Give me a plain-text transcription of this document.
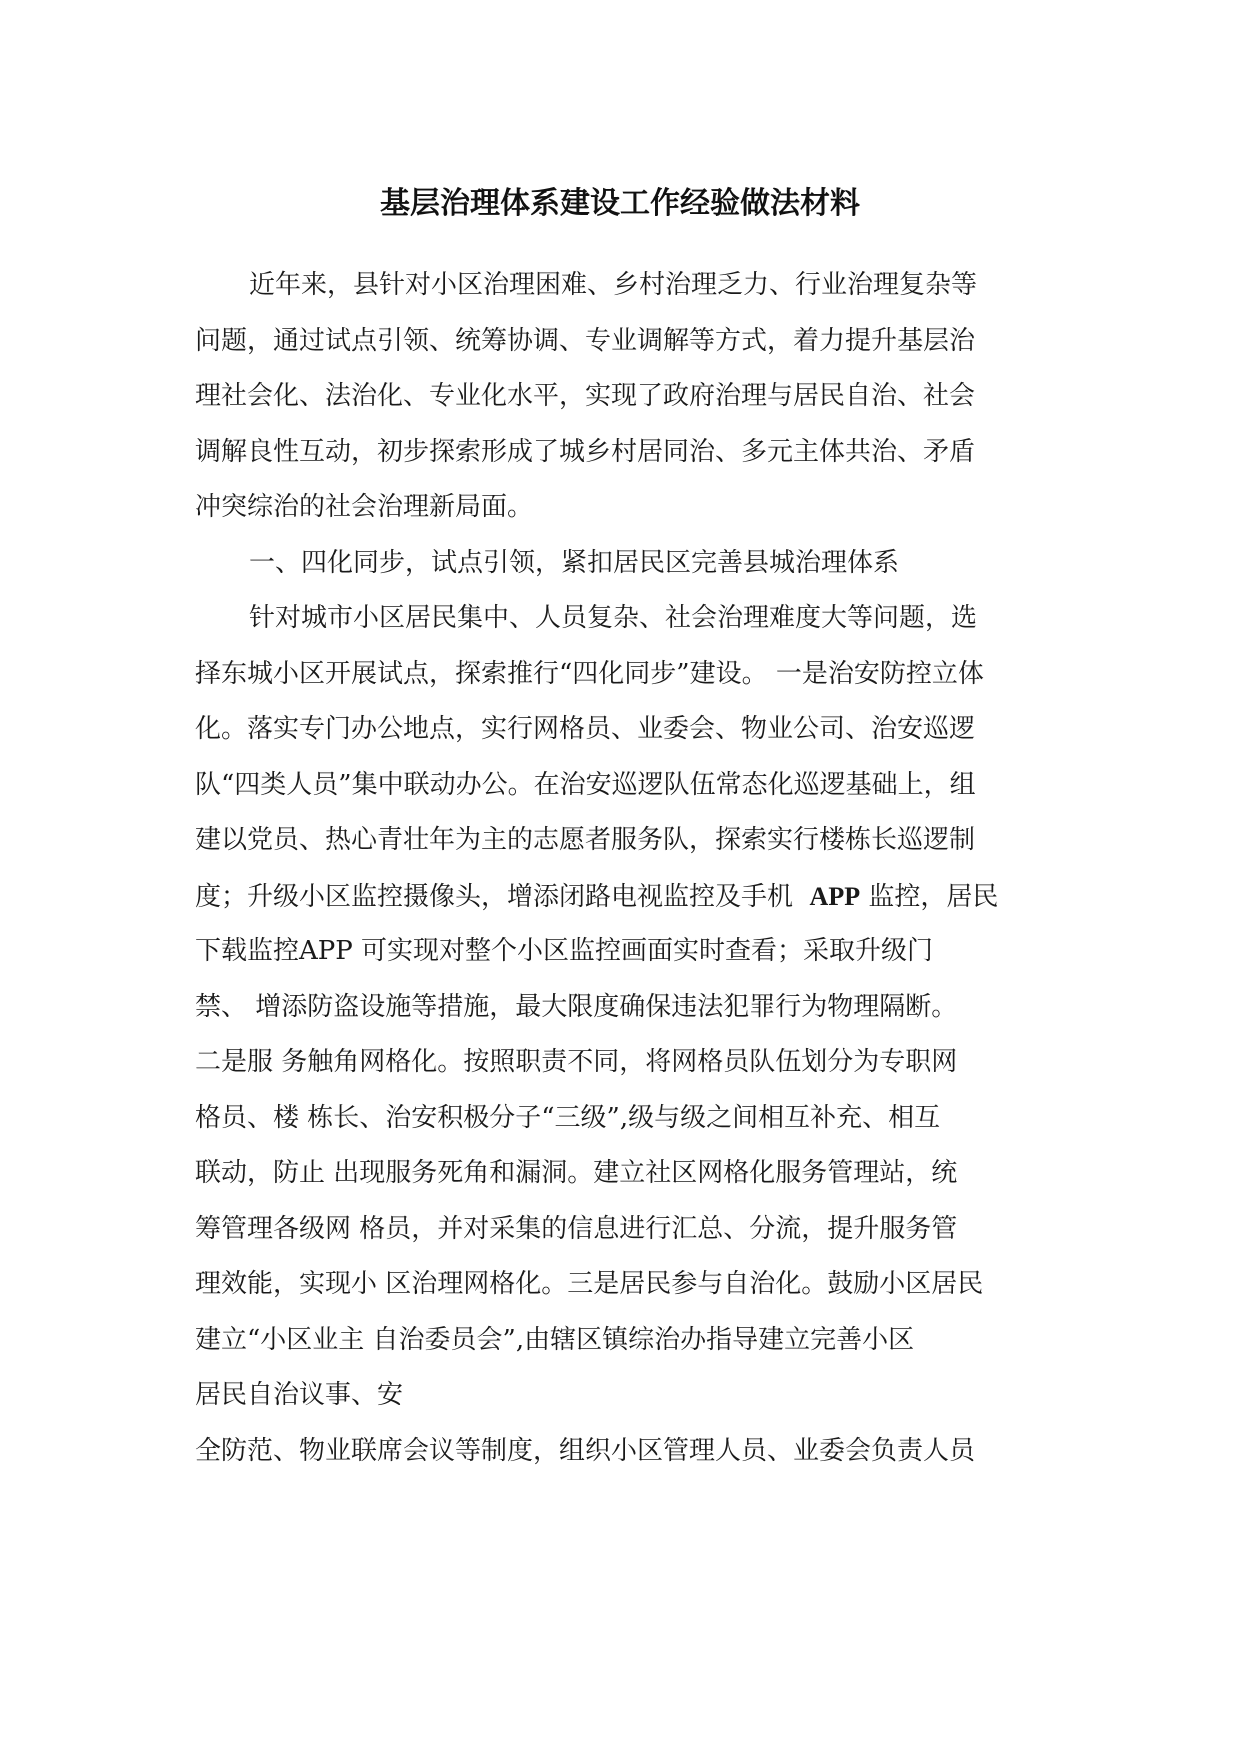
基层治理体系建设工作经验做法材料
近年来，县针对小区治理困难、乡村治理乏力、行业治理复杂等
问题，通过试点引领、统筹协调、专业调解等方式，着力提升基层治
理社会化、法治化、专业化水平，实现了政府治理与居民自治、社会
调解良性互动，初步探索形成了城乡村居同治、多元主体共治、矛盾
冲突综治的社会治理新局面。
一、四化同步，试点引领，紧扣居民区完善县城治理体系
针对城市小区居民集中、人员复杂、社会治理难度大等问题，选
择东城小区开展试点，探索推行“四化同步”建设。 一是治安防控立体
化。落实专门办公地点，实行网格员、业委会、物业公司、治安巡逻
队“四类人员”集中联动办公。在治安巡逻队伍常态化巡逻基础上，组
建以党员、热心青壮年为主的志愿者服务队，探索实行楼栋长巡逻制
度；升级小区监控摄像头，增添闭路电视监控及手机 APP 监控，居民
下载监控APP 可实现对整个小区监控画面实时查看；采取升级门
禁、 增添防盗设施等措施，最大限度确保违法犯罪行为物理隔断。
二是服 务触角网格化。按照职责不同，将网格员队伍划分为专职网
格员、楼 栋长、治安积极分子“三级”,级与级之间相互补充、相互
联动，防止 出现服务死角和漏洞。建立社区网格化服务管理站，统
筹管理各级网 格员，并对采集的信息进行汇总、分流，提升服务管
理效能，实现小 区治理网格化。三是居民参与自治化。鼓励小区居民
建立“小区业主 自治委员会”,由辖区镇综治办指导建立完善小区
居民自治议事、安
全防范、物业联席会议等制度，组织小区管理人员、业委会负责人员
